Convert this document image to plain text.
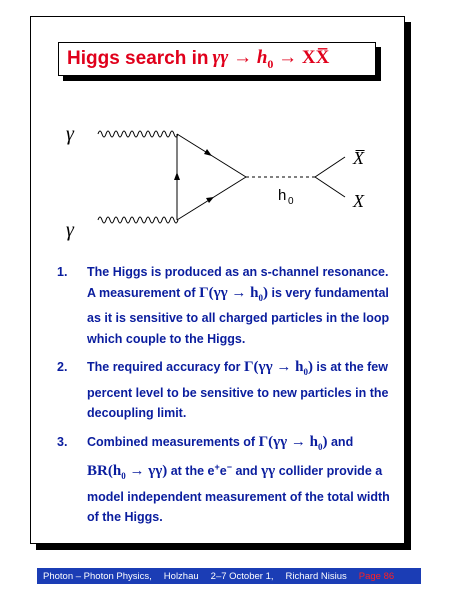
Higgs search in $\gamma\gamma \to h_0$ → XX̅
γ
γ
h 0
X̅
X
1.	The Higgs is produced as an s-channel resonance. A measurement of $\Gamma(\gamma\gamma \to h_0)$ is very fundamental as it is sensitive to all charged particles in the loop which couple to the Higgs.
2.	The required accuracy for $\Gamma(\gamma\gamma \to h_0)$ is at the few percent level to be sensitive to new particles in the decoupling limit.
3.	Combined measurements of $\Gamma(\gamma\gamma \to h_0)$ and $BR(h_0 \to \gamma\gamma)$ at the e+e− and γγ collider provide a model independent measurement of the total width of the Higgs.
Photon – Photon Physics, Holzhau 2–7 October 1, Richard Nisius Page 86
